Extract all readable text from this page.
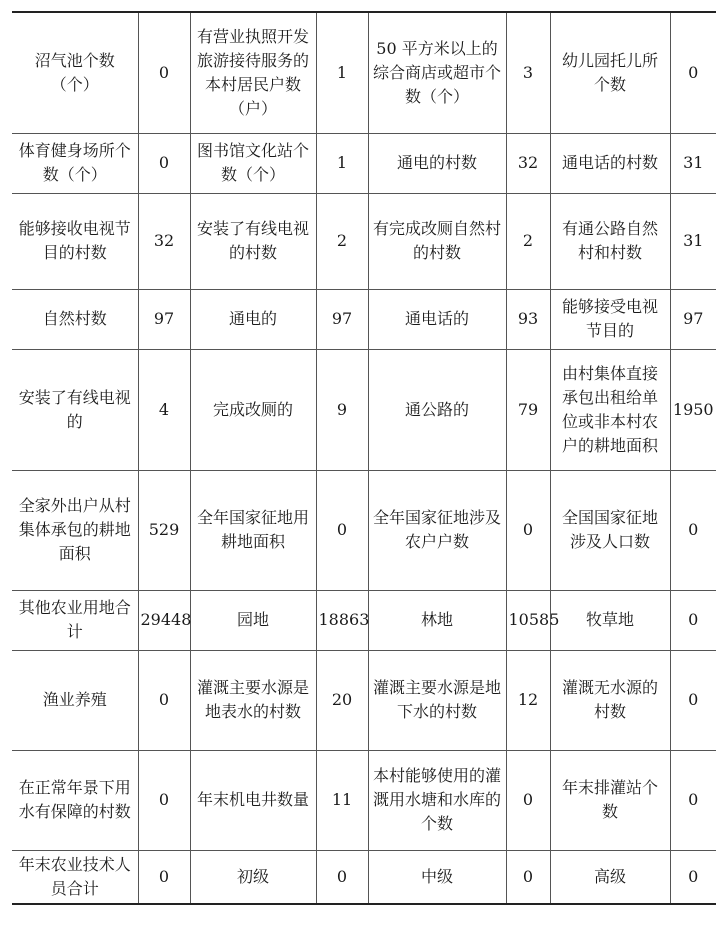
沼气池个数（个）	0	有营业执照开发旅游接待服务的本村居民户数（户）	1	50 平方米以上的综合商店或超市个数（个）	3	幼儿园托儿所个数	0
体育健身场所个数（个）	0	图书馆文化站个数（个）	1	通电的村数	32	通电话的村数	31
能够接收电视节目的村数	32	安装了有线电视的村数	2	有完成改厕自然村的村数	2	有通公路自然村和村数	31
自然村数	97	通电的	97	通电话的	93	能够接受电视节目的	97
安装了有线电视的	4	完成改厕的	9	通公路的	79	由村集体直接承包出租给单位或非本村农户的耕地面积	1950
全家外出户从村集体承包的耕地面积	529	全年国家征地用耕地面积	0	全年国家征地涉及农户户数	0	全国国家征地涉及人口数	0
其他农业用地合计	29448	园地	18863	林地	10585	牧草地	0
渔业养殖	0	灌溉主要水源是地表水的村数	20	灌溉主要水源是地下水的村数	12	灌溉无水源的村数	0
在正常年景下用水有保障的村数	0	年末机电井数量	11	本村能够使用的灌溉用水塘和水库的个数	0	年末排灌站个数	0
年末农业技术人员合计	0	初级	0	中级	0	高级	0
